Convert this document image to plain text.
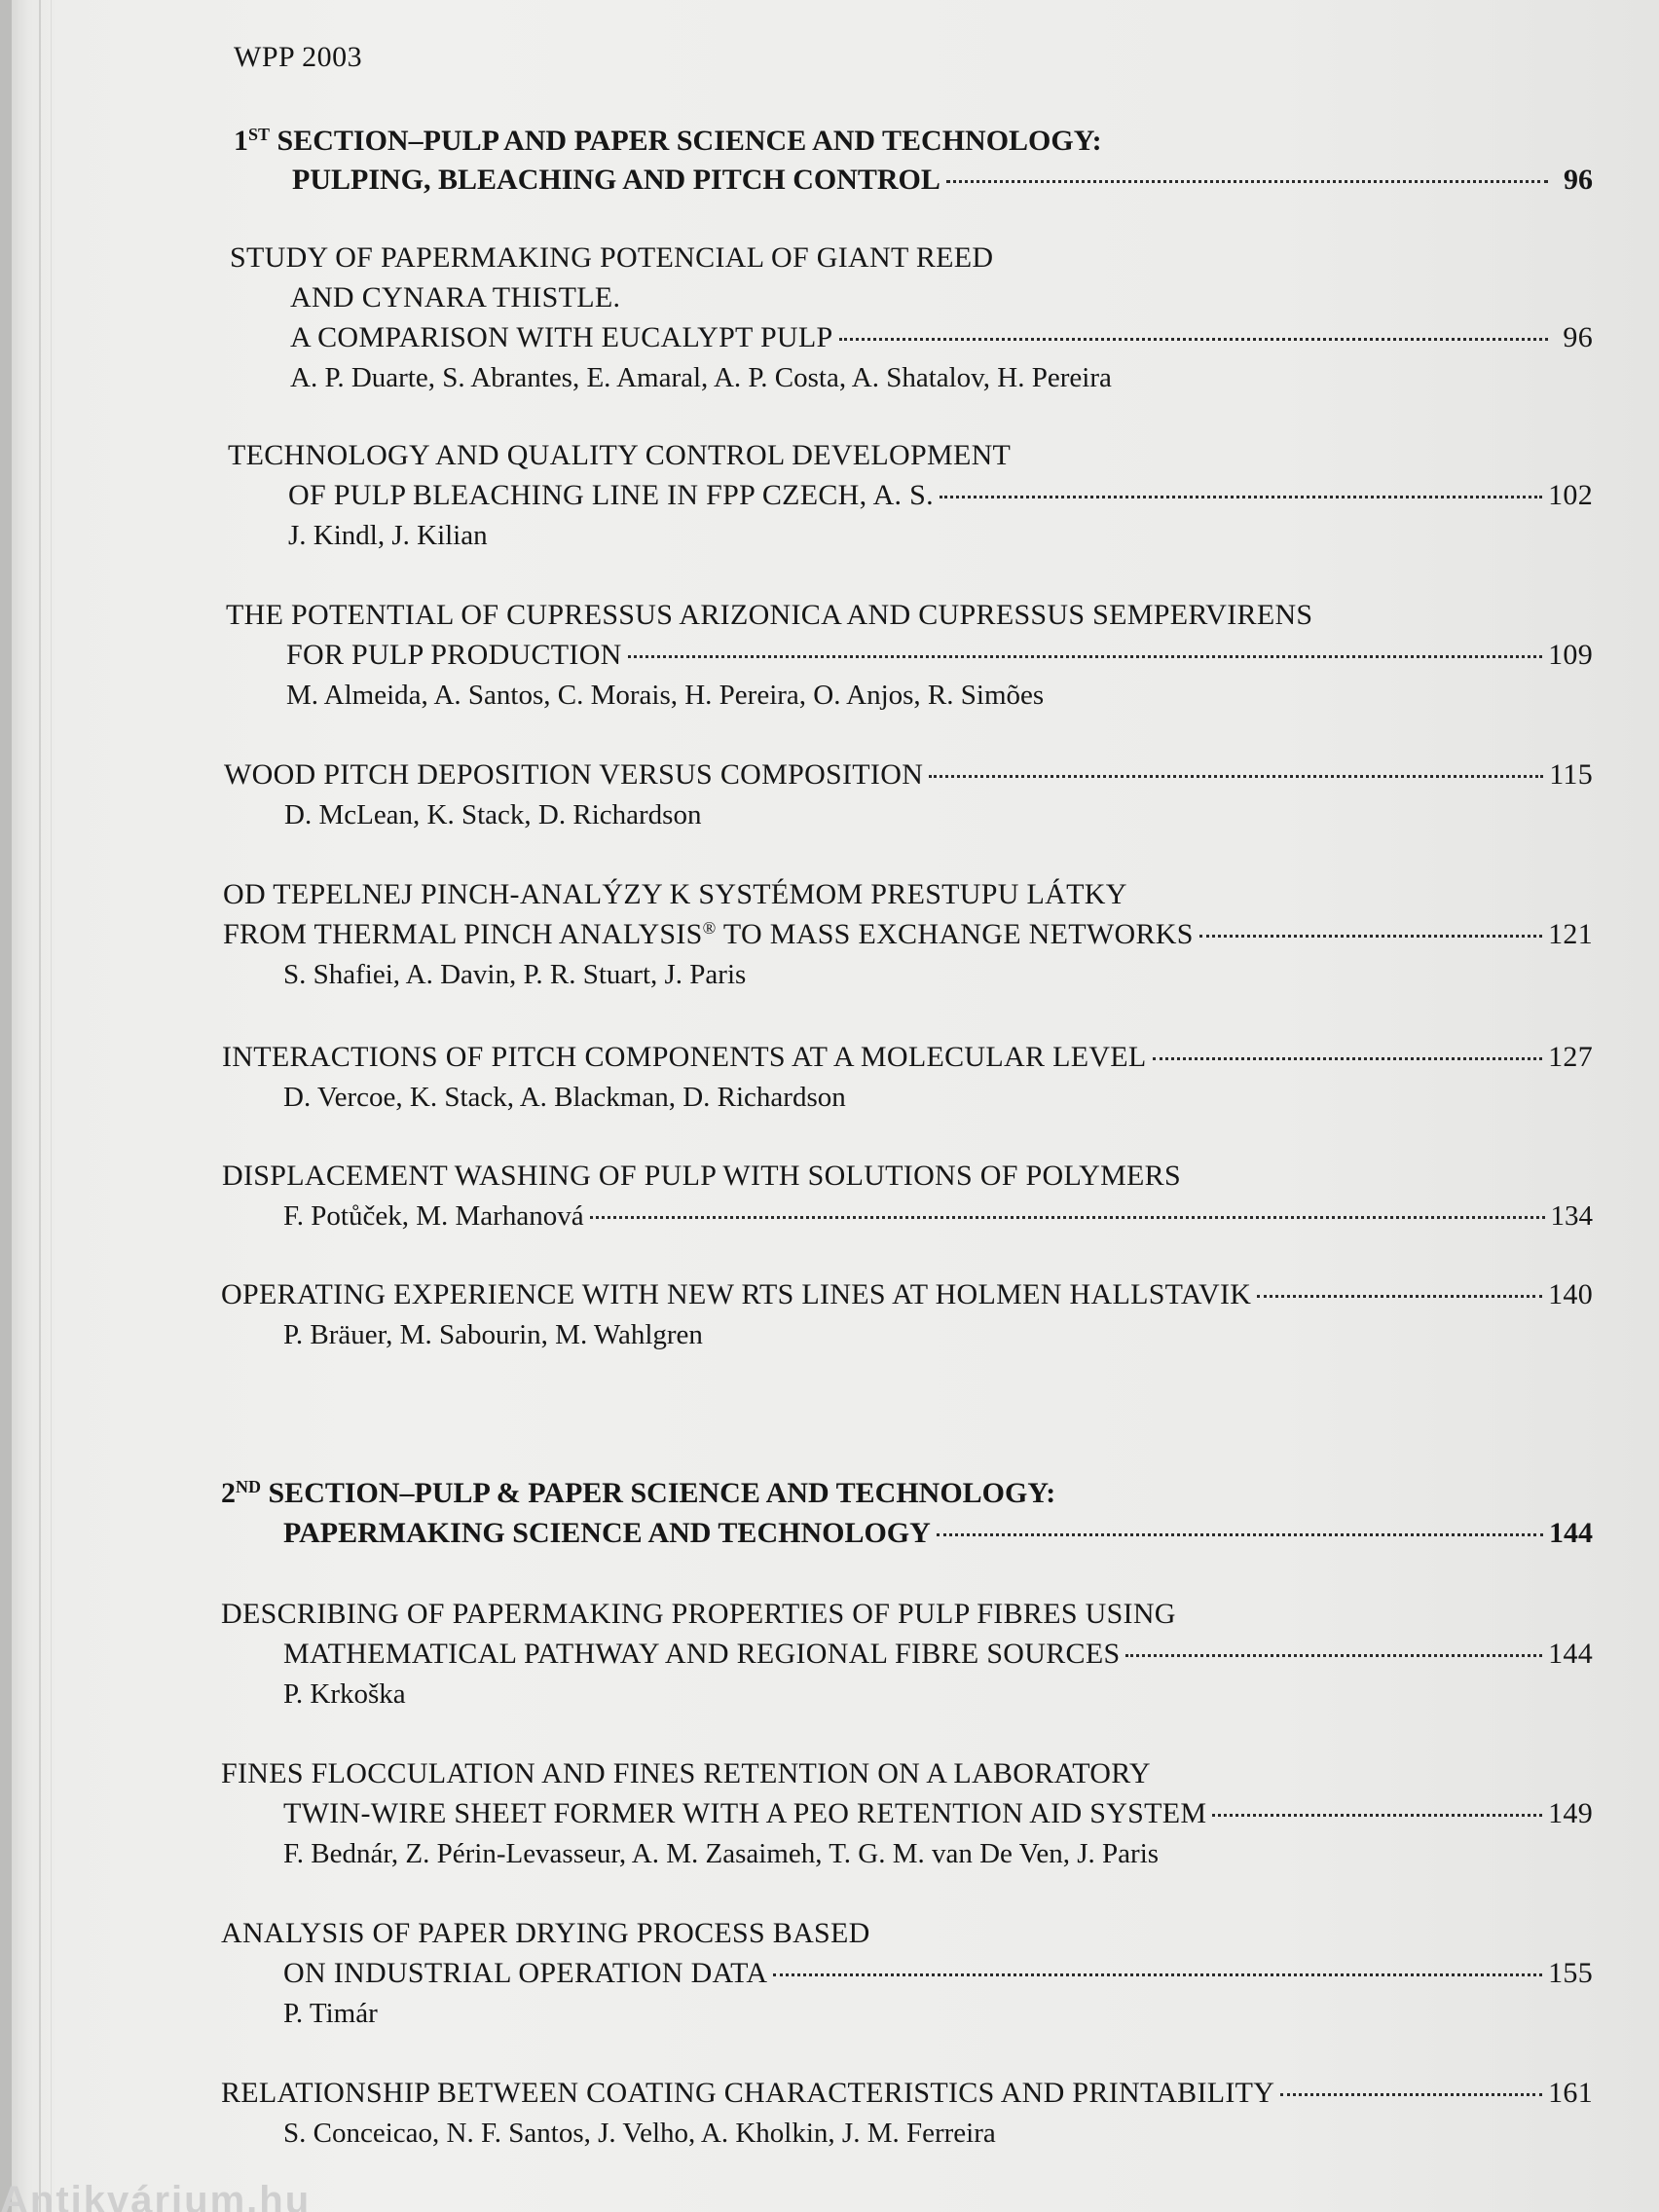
WPP 2003
1ST SECTION–PULP AND PAPER SCIENCE AND TECHNOLOGY:
PULPING, BLEACHING AND PITCH CONTROL	96
STUDY OF PAPERMAKING POTENCIAL OF GIANT REED
AND CYNARA THISTLE.
A COMPARISON WITH EUCALYPT PULP	96
A. P. Duarte, S. Abrantes, E. Amaral, A. P. Costa, A. Shatalov, H. Pereira
TECHNOLOGY AND QUALITY CONTROL DEVELOPMENT
OF PULP BLEACHING LINE IN FPP CZECH, A. S.	102
J. Kindl, J. Kilian
THE POTENTIAL OF CUPRESSUS ARIZONICA AND CUPRESSUS SEMPERVIRENS
FOR PULP PRODUCTION	109
M. Almeida, A. Santos, C. Morais, H. Pereira, O. Anjos, R. Simões
WOOD PITCH DEPOSITION VERSUS COMPOSITION	115
D. McLean, K. Stack, D. Richardson
OD TEPELNEJ PINCH-ANALÝZY K SYSTÉMOM PRESTUPU LÁTKY
FROM THERMAL PINCH ANALYSIS® TO MASS EXCHANGE NETWORKS	121
S. Shafiei, A. Davin, P. R. Stuart, J. Paris
INTERACTIONS OF PITCH COMPONENTS AT A MOLECULAR LEVEL	127
D. Vercoe, K. Stack, A. Blackman, D. Richardson
DISPLACEMENT WASHING OF PULP WITH SOLUTIONS OF POLYMERS
F. Potůček, M. Marhanová	134
OPERATING EXPERIENCE WITH NEW RTS LINES AT HOLMEN HALLSTAVIK	140
P. Bräuer, M. Sabourin, M. Wahlgren
2ND SECTION–PULP & PAPER SCIENCE AND TECHNOLOGY:
PAPERMAKING SCIENCE AND TECHNOLOGY	144
DESCRIBING OF PAPERMAKING PROPERTIES OF PULP FIBRES USING
MATHEMATICAL PATHWAY AND REGIONAL FIBRE SOURCES	144
P. Krkoška
FINES FLOCCULATION AND FINES RETENTION ON A LABORATORY
TWIN-WIRE SHEET FORMER WITH A PEO RETENTION AID SYSTEM	149
F. Bednár, Z. Périn-Levasseur, A. M. Zasaimeh, T. G. M. van De Ven, J. Paris
ANALYSIS OF PAPER DRYING PROCESS BASED
ON INDUSTRIAL OPERATION DATA	155
P. Timár
RELATIONSHIP BETWEEN COATING CHARACTERISTICS AND PRINTABILITY	161
S. Conceicao, N. F. Santos, J. Velho, A. Kholkin, J. M. Ferreira
Antikvárium.hu
